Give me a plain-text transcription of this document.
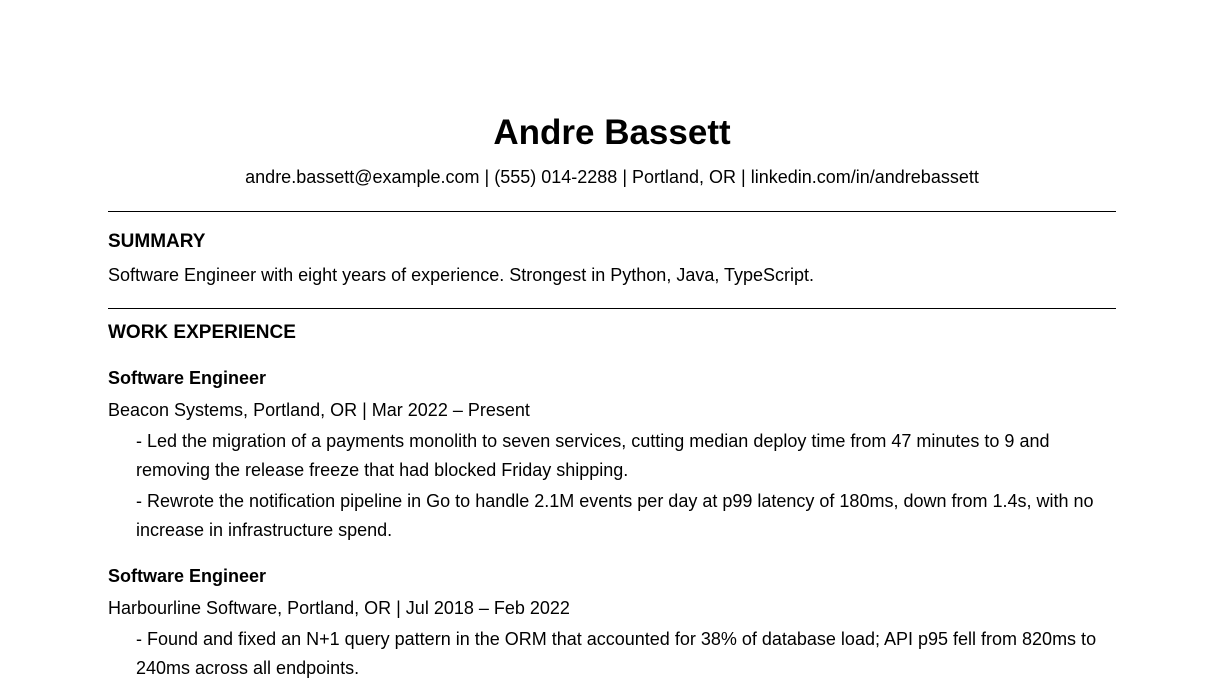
Andre Bassett
andre.bassett@example.com | (555) 014-2288 | Portland, OR | linkedin.com/in/andrebassett
SUMMARY
Software Engineer with eight years of experience. Strongest in Python, Java, TypeScript.
WORK EXPERIENCE
Software Engineer
Beacon Systems, Portland, OR | Mar 2022 – Present
- Led the migration of a payments monolith to seven services, cutting median deploy time from 47 minutes to 9 and removing the release freeze that had blocked Friday shipping.
- Rewrote the notification pipeline in Go to handle 2.1M events per day at p99 latency of 180ms, down from 1.4s, with no increase in infrastructure spend.
Software Engineer
Harbourline Software, Portland, OR | Jul 2018 – Feb 2022
- Found and fixed an N+1 query pattern in the ORM that accounted for 38% of database load; API p95 fell from 820ms to 240ms across all endpoints.
